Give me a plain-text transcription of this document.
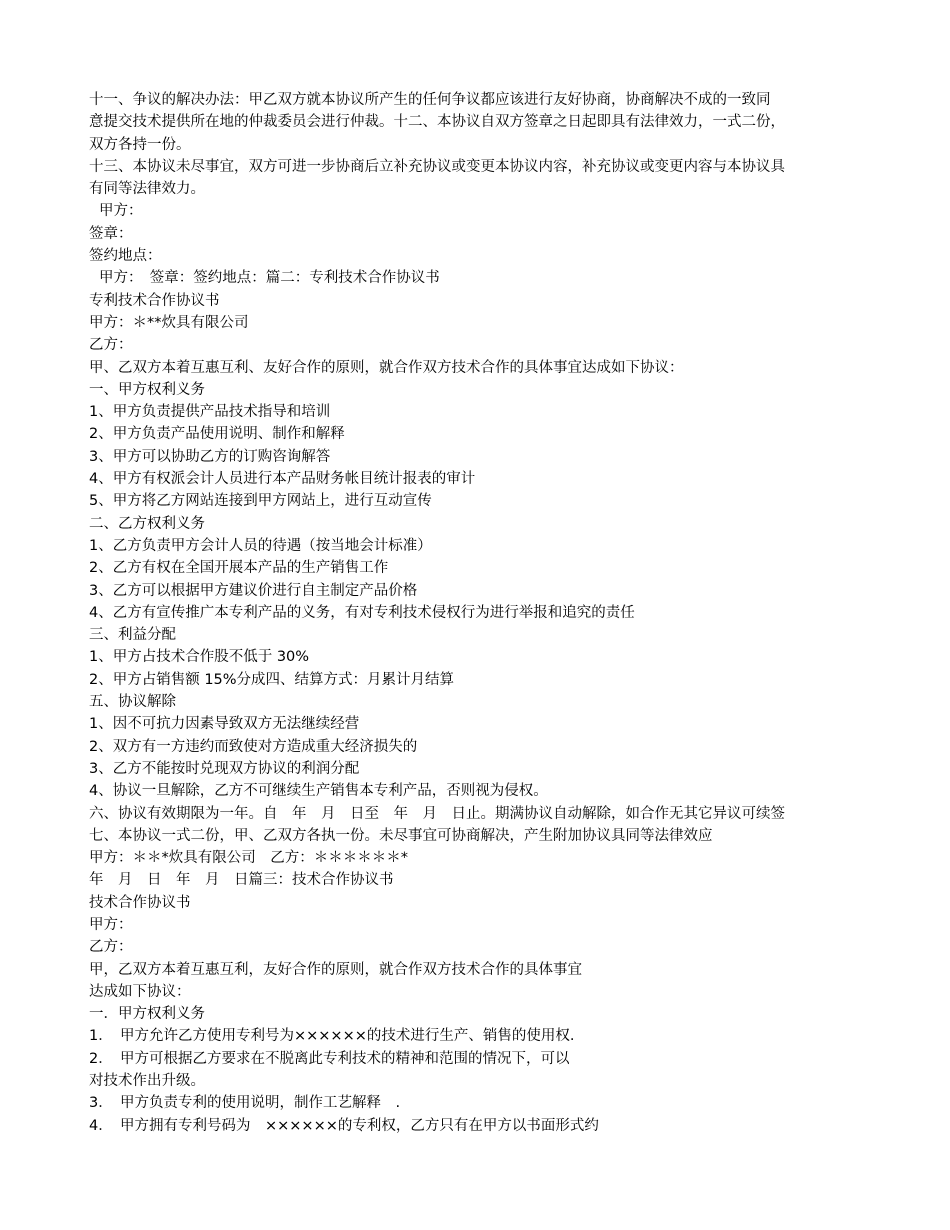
十一、争议的解决办法：甲乙双方就本协议所产生的任何争议都应该进行友好协商，协商解决不成的一致同
意提交技术提供所在地的仲裁委员会进行仲裁。十二、本协议自双方签章之日起即具有法律效力，一式二份，
双方各持一份。
十三、本协议未尽事宜，双方可进一步协商后立补充协议或变更本协议内容，补充协议或变更内容与本协议具
有同等法律效力。
甲方：
签章：
签约地点：
甲方：　签章：签约地点：篇二：专利技术合作协议书
专利技术合作协议书
甲方：＊**炊具有限公司
乙方：
甲、乙双方本着互惠互利、友好合作的原则，就合作双方技术合作的具体事宜达成如下协议：
一、甲方权利义务
1、甲方负责提供产品技术指导和培训
2、甲方负责产品使用说明、制作和解释
3、甲方可以协助乙方的订购咨询解答
4、甲方有权派会计人员进行本产品财务帐目统计报表的审计
5、甲方将乙方网站连接到甲方网站上，进行互动宣传
二、乙方权利义务
1、乙方负责甲方会计人员的待遇（按当地会计标准）
2、乙方有权在全国开展本产品的生产销售工作
3、乙方可以根据甲方建议价进行自主制定产品价格
4、乙方有宣传推广本专利产品的义务，有对专利技术侵权行为进行举报和追究的责任
三、利益分配
1、甲方占技术合作股不低于 30%
2、甲方占销售额 15%分成四、结算方式：月累计月结算
五、协议解除
1、因不可抗力因素导致双方无法继续经营
2、双方有一方违约而致使对方造成重大经济损失的
3、乙方不能按时兑现双方协议的利润分配
4、协议一旦解除，乙方不可继续生产销售本专利产品，否则视为侵权。
六、协议有效期限为一年。自　年　月　日至　年　月　日止。期满协议自动解除，如合作无其它异议可续签
七、本协议一式二份，甲、乙双方各执一份。未尽事宜可协商解决，产生附加协议具同等法律效应
甲方：＊＊*炊具有限公司　乙方：＊＊＊＊＊＊*
年　月　日　年　月　日篇三：技术合作协议书
技术合作协议书
甲方：
乙方：
甲，乙双方本着互惠互利，友好合作的原则，就合作双方技术合作的具体事宜
达成如下协议：
一．甲方权利义务
1．　甲方允许乙方使用专利号为××××××的技术进行生产、销售的使用权.
2．　甲方可根据乙方要求在不脱离此专利技术的精神和范围的情况下，可以
对技术作出升级。
3．　甲方负责专利的使用说明，制作工艺解释　.
4．　甲方拥有专利号码为　××××××的专利权，乙方只有在甲方以书面形式约
